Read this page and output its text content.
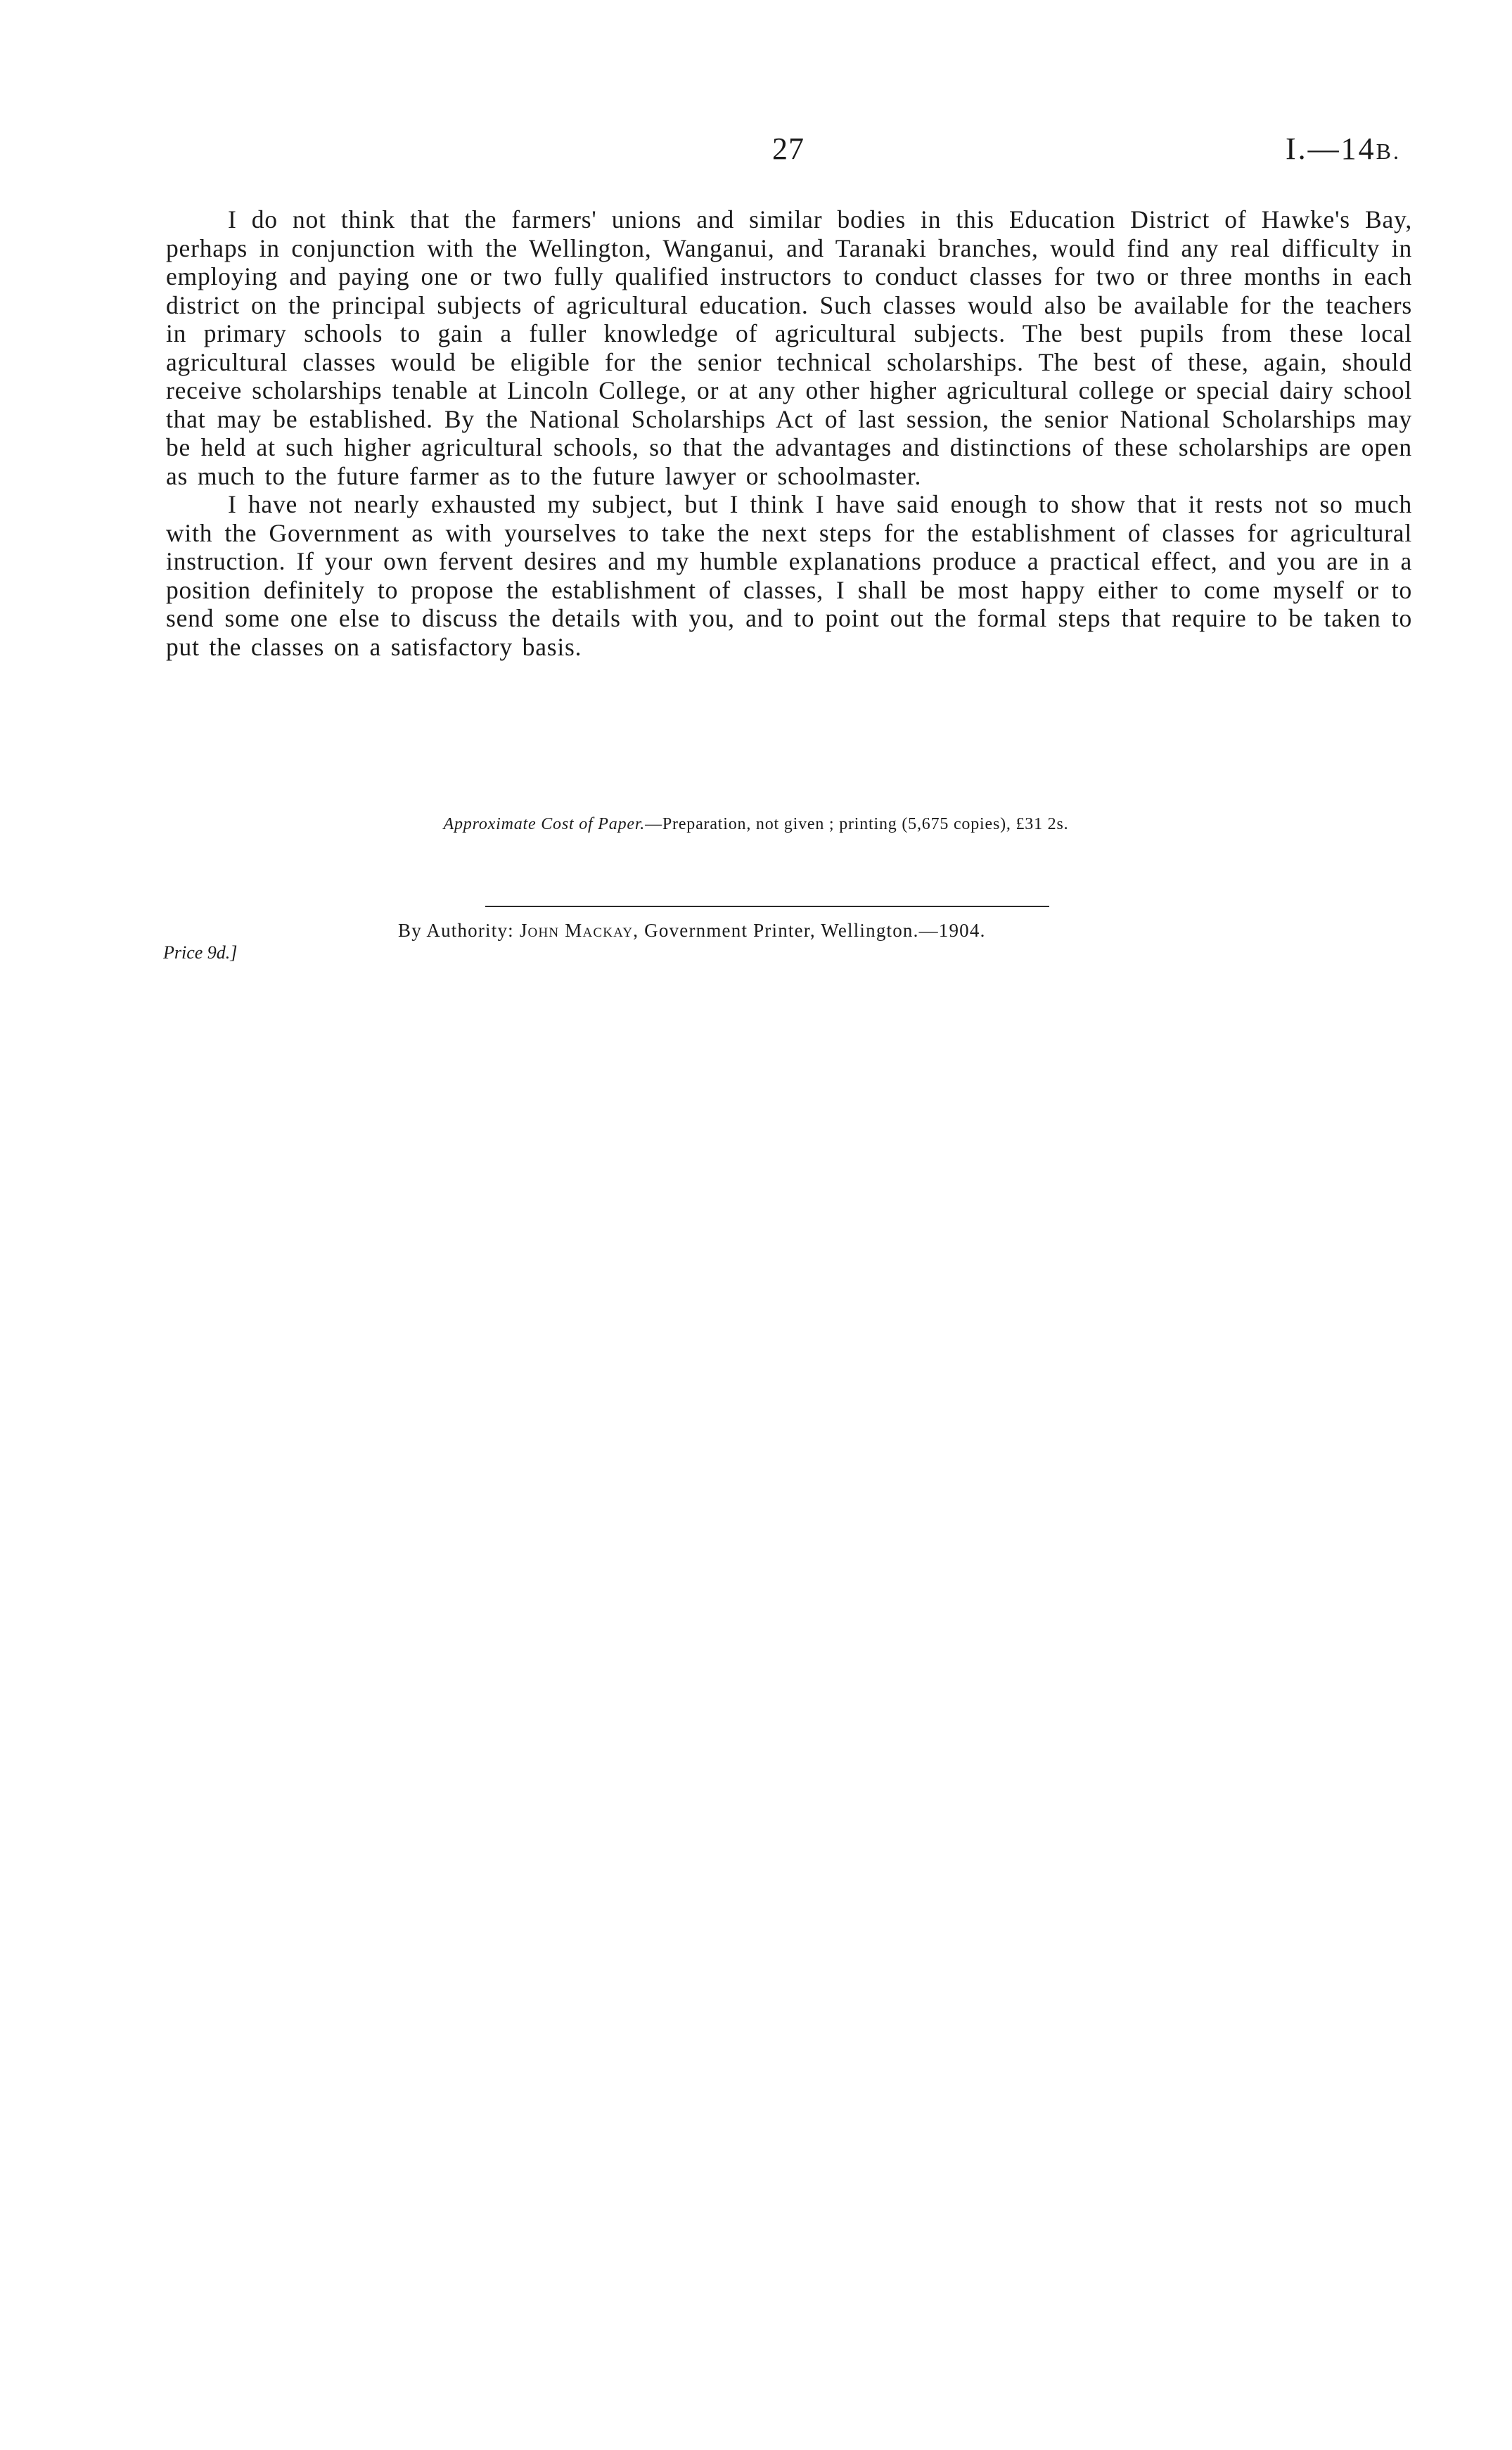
27	I.—14B.

I do not think that the farmers' unions and similar bodies in this Education District of Hawke's Bay, perhaps in conjunction with the Wellington, Wanganui, and Taranaki branches, would find any real difficulty in employing and paying one or two fully qualified instructors to conduct classes for two or three months in each district on the principal subjects of agricultural education. Such classes would also be available for the teachers in primary schools to gain a fuller knowledge of agricultural subjects. The best pupils from these local agricultural classes would be eligible for the senior technical scholarships. The best of these, again, should receive scholarships tenable at Lincoln College, or at any other higher agricultural college or special dairy school that may be established. By the National Scholarships Act of last session, the senior National Scholarships may be held at such higher agricultural schools, so that the advantages and distinctions of these scholarships are open as much to the future farmer as to the future lawyer or schoolmaster.

I have not nearly exhausted my subject, but I think I have said enough to show that it rests not so much with the Government as with yourselves to take the next steps for the establishment of classes for agricultural instruction. If your own fervent desires and my humble explanations produce a practical effect, and you are in a position definitely to propose the establishment of classes, I shall be most happy either to come myself or to send some one else to discuss the details with you, and to point out the formal steps that require to be taken to put the classes on a satisfactory basis.

Approximate Cost of Paper.—Preparation, not given ; printing (5,675 copies), £31 2s.
By Authority: John Mackay, Government Printer, Wellington.—1904.
Price 9d.]
